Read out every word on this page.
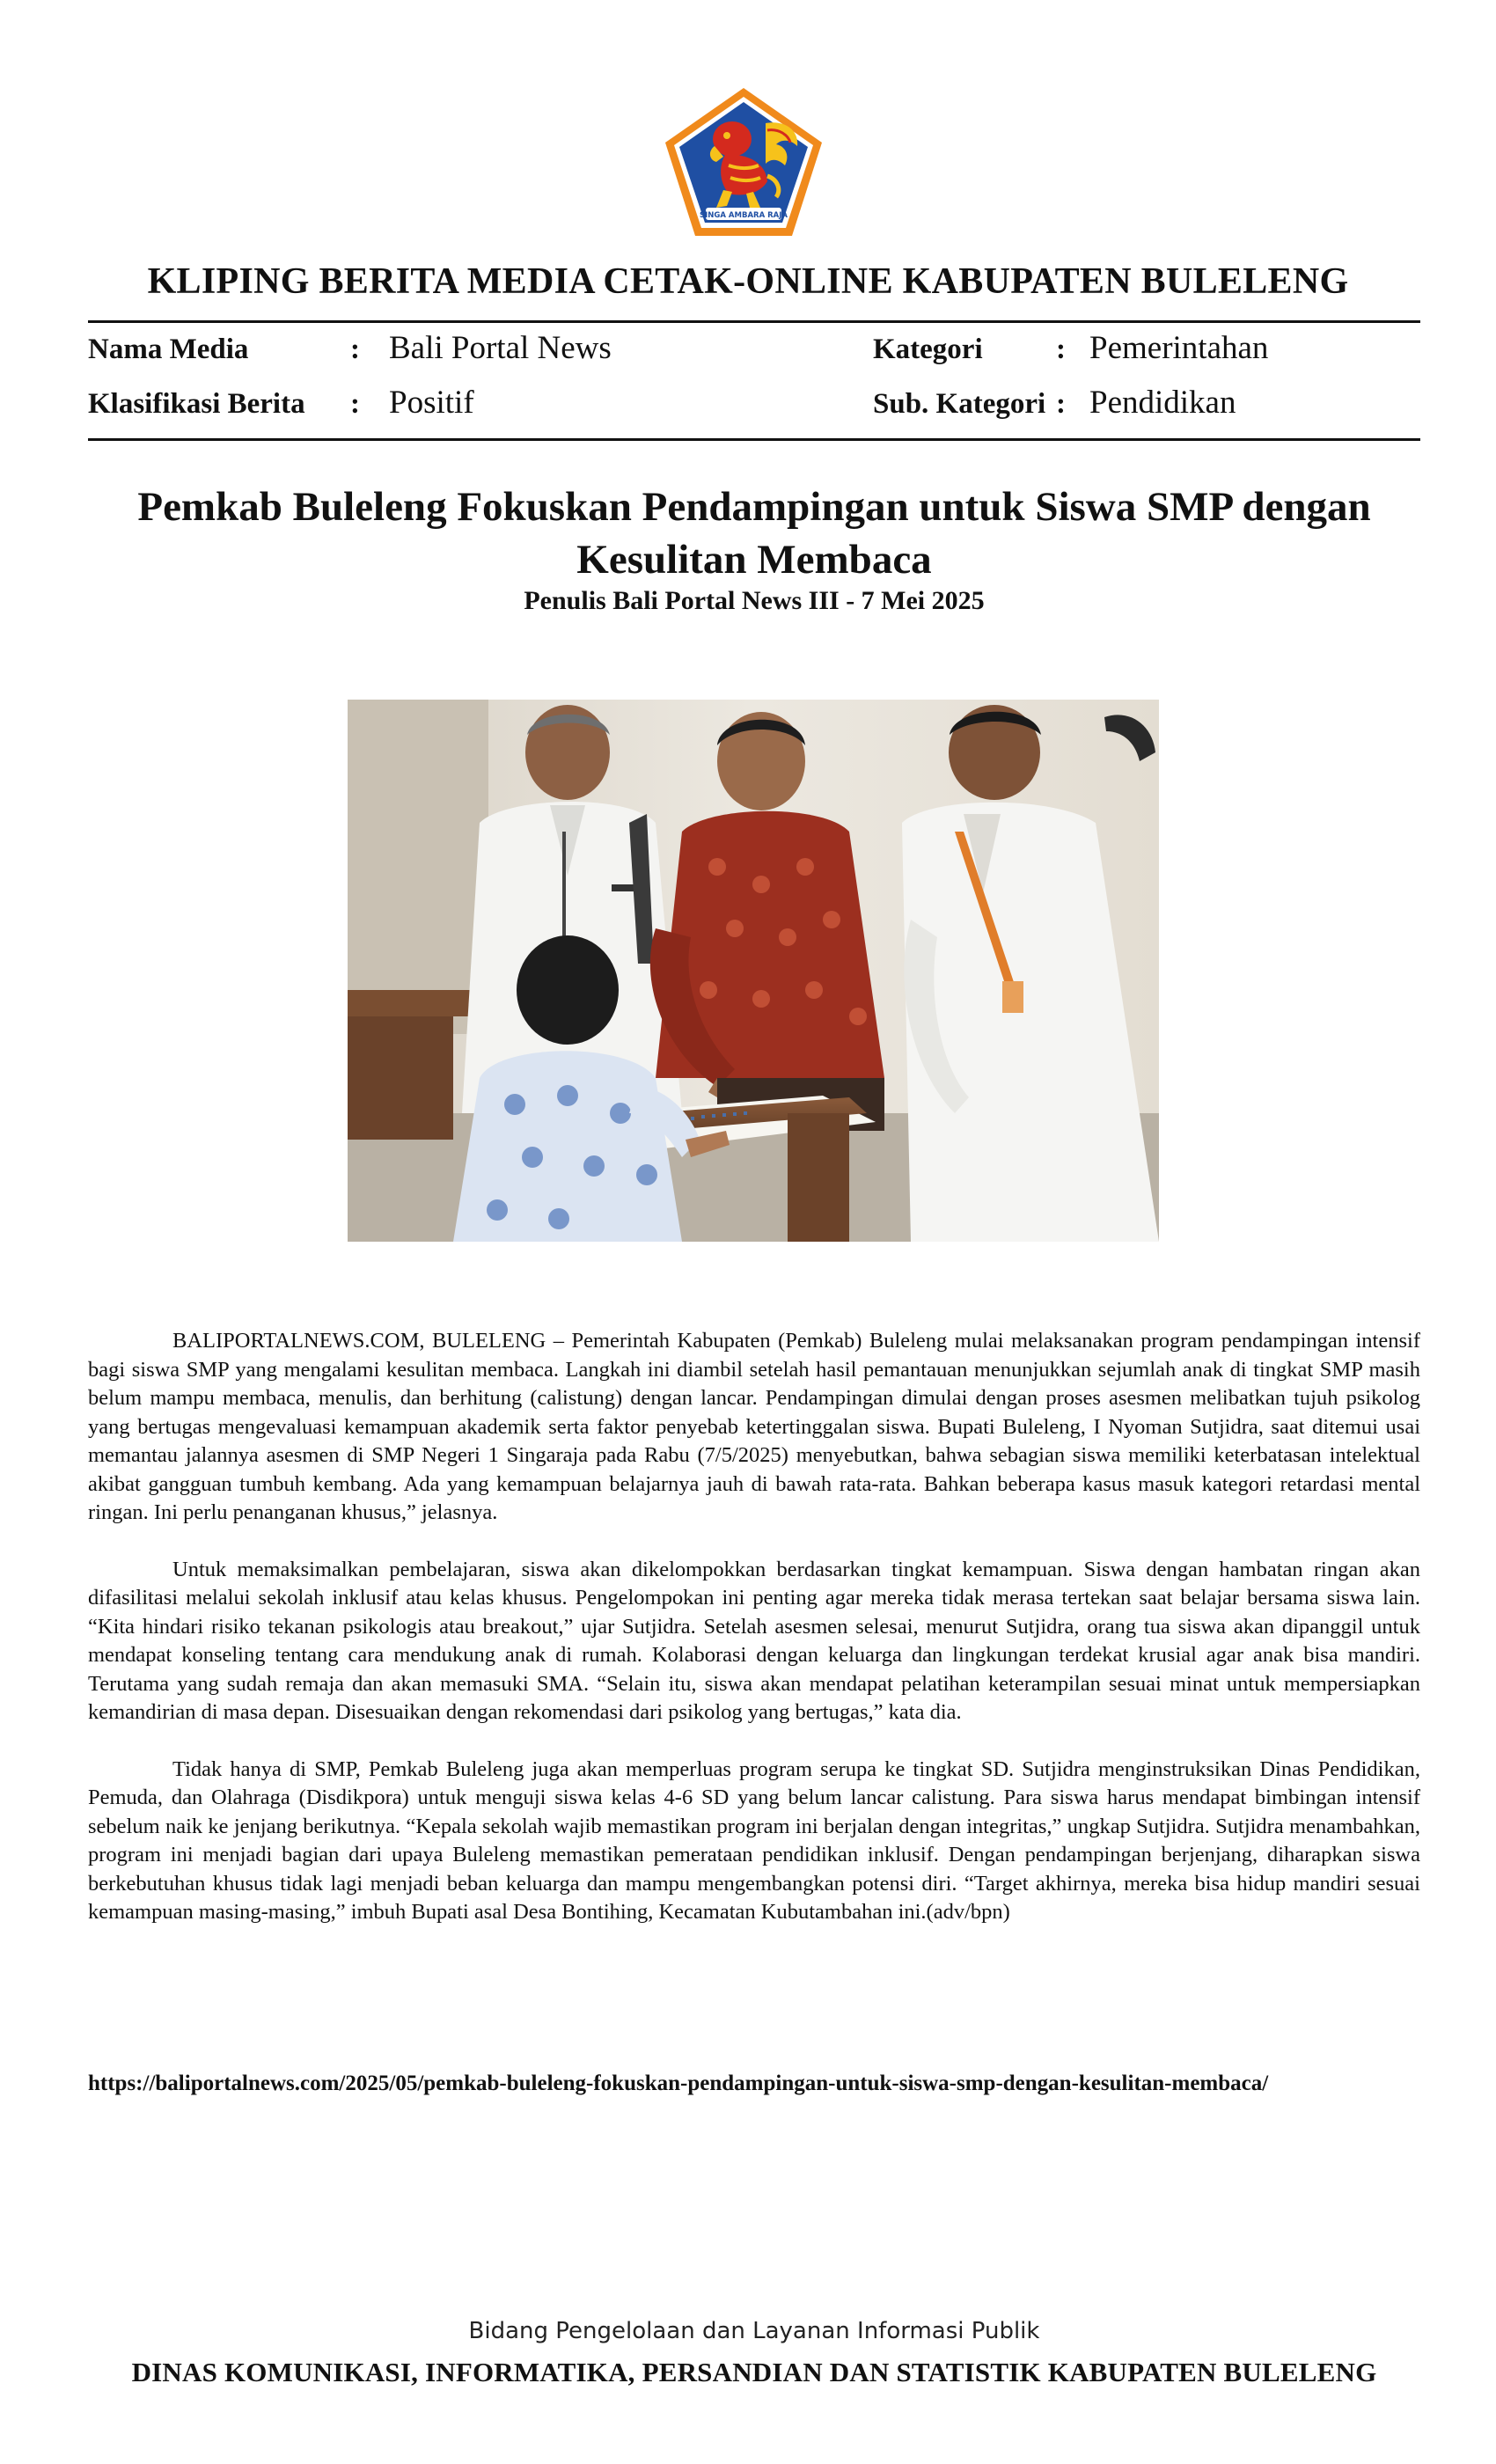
SINGA AMBARA RAJA
KLIPING BERITA MEDIA CETAK-ONLINE KABUPATEN BULELENG
Nama Media	: Bali Portal News
Klasifikasi Berita : Positif
Kategori	: Pemerintahan
Sub. Kategori : Pendidikan
Pemkab Buleleng Fokuskan Pendampingan untuk Siswa SMP dengan
Kesulitan Membaca
Penulis Bali Portal News III - 7 Mei 2025

BALIPORTALNEWS.COM, BULELENG – Pemerintah Kabupaten (Pemkab) Buleleng mulai melaksanakan program pendampingan intensif bagi siswa SMP yang mengalami kesulitan membaca. Langkah ini diambil setelah hasil pemantauan menunjukkan sejumlah anak di tingkat SMP masih belum mampu membaca, menulis, dan berhitung (calistung) dengan lancar. Pendampingan dimulai dengan proses asesmen melibatkan tujuh psikolog yang bertugas mengevaluasi kemampuan akademik serta faktor penyebab ketertinggalan siswa. Bupati Buleleng, I Nyoman Sutjidra, saat ditemui usai memantau jalannya asesmen di SMP Negeri 1 Singaraja pada Rabu (7/5/2025) menyebutkan, bahwa sebagian siswa memiliki keterbatasan intelektual akibat gangguan tumbuh kembang. Ada yang kemampuan belajarnya jauh di bawah rata-rata. Bahkan beberapa kasus masuk kategori retardasi mental ringan. Ini perlu penanganan khusus,” jelasnya.

Untuk memaksimalkan pembelajaran, siswa akan dikelompokkan berdasarkan tingkat kemampuan. Siswa dengan hambatan ringan akan difasilitasi melalui sekolah inklusif atau kelas khusus. Pengelompokan ini penting agar mereka tidak merasa tertekan saat belajar bersama siswa lain. “Kita hindari risiko tekanan psikologis atau breakout,” ujar Sutjidra. Setelah asesmen selesai, menurut Sutjidra, orang tua siswa akan dipanggil untuk mendapat konseling tentang cara mendukung anak di rumah. Kolaborasi dengan keluarga dan lingkungan terdekat krusial agar anak bisa mandiri. Terutama yang sudah remaja dan akan memasuki SMA. “Selain itu, siswa akan mendapat pelatihan keterampilan sesuai minat untuk mempersiapkan kemandirian di masa depan. Disesuaikan dengan rekomendasi dari psikolog yang bertugas,” kata dia.

Tidak hanya di SMP, Pemkab Buleleng juga akan memperluas program serupa ke tingkat SD. Sutjidra menginstruksikan Dinas Pendidikan, Pemuda, dan Olahraga (Disdikpora) untuk menguji siswa kelas 4-6 SD yang belum lancar calistung. Para siswa harus mendapat bimbingan intensif sebelum naik ke jenjang berikutnya. “Kepala sekolah wajib memastikan program ini berjalan dengan integritas,” ungkap Sutjidra. Sutjidra menambahkan, program ini menjadi bagian dari upaya Buleleng memastikan pemerataan pendidikan inklusif. Dengan pendampingan berjenjang, diharapkan siswa berkebutuhan khusus tidak lagi menjadi beban keluarga dan mampu mengembangkan potensi diri. “Target akhirnya, mereka bisa hidup mandiri sesuai kemampuan masing-masing,” imbuh Bupati asal Desa Bontihing, Kecamatan Kubutambahan ini.(adv/bpn)

https://baliportalnews.com/2025/05/pemkab-buleleng-fokuskan-pendampingan-untuk-siswa-smp-dengan-kesulitan-membaca/
Bidang Pengelolaan dan Layanan Informasi Publik
DINAS KOMUNIKASI, INFORMATIKA, PERSANDIAN DAN STATISTIK KABUPATEN BULELENG
